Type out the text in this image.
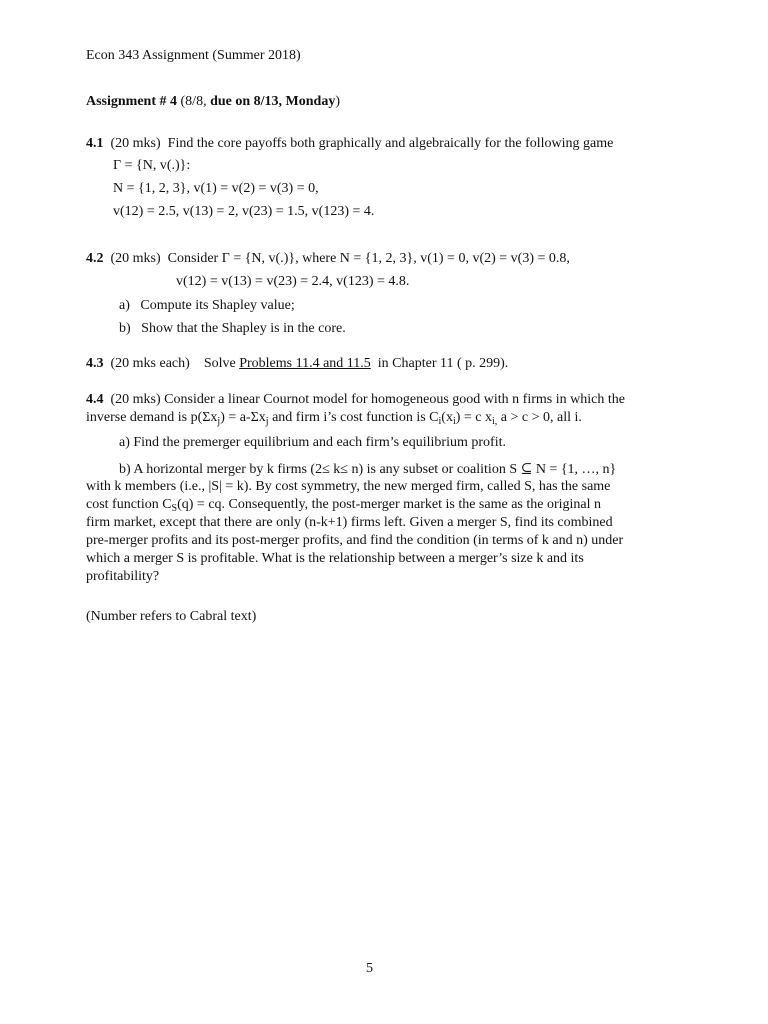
Econ 343 Assignment (Summer 2018)
Assignment # 4 (8/8, due on 8/13, Monday)
4.1 (20 mks) Find the core payoffs both graphically and algebraically for the following game
Γ = {N, v(.)}:
N = {1, 2, 3}, v(1) = v(2) = v(3) = 0,
v(12) = 2.5, v(13) = 2, v(23) = 1.5, v(123) = 4.
4.2 (20 mks) Consider Γ = {N, v(.)}, where N = {1, 2, 3}, v(1) = 0, v(2) = v(3) = 0.8,
v(12) = v(13) = v(23) = 2.4, v(123) = 4.8.
a) Compute its Shapley value;
b) Show that the Shapley is in the core.
4.3 (20 mks each) Solve Problems 11.4 and 11.5 in Chapter 11 ( p. 299).
4.4 (20 mks) Consider a linear Cournot model for homogeneous good with n firms in which the
inverse demand is $p(\Sigma x_j) = a-\Sigma x_j$ and firm i’s cost function is $C_i(x_i) = c$ $x_{i,}$ a > c > 0, all i.
a) Find the premerger equilibrium and each firm’s equilibrium profit.
b) A horizontal merger by k firms (2≤ k≤ n) is any subset or coalition S ⊆ N = {1, …, n}
with k members (i.e., |S| = k). By cost symmetry, the new merged firm, called S, has the same
cost function $C_S(q)$ = cq. Consequently, the post-merger market is the same as the original n
firm market, except that there are only (n-k+1) firms left. Given a merger S, find its combined
pre-merger profits and its post-merger profits, and find the condition (in terms of k and n) under
which a merger S is profitable. What is the relationship between a merger’s size k and its
profitability?
(Number refers to Cabral text)
5
